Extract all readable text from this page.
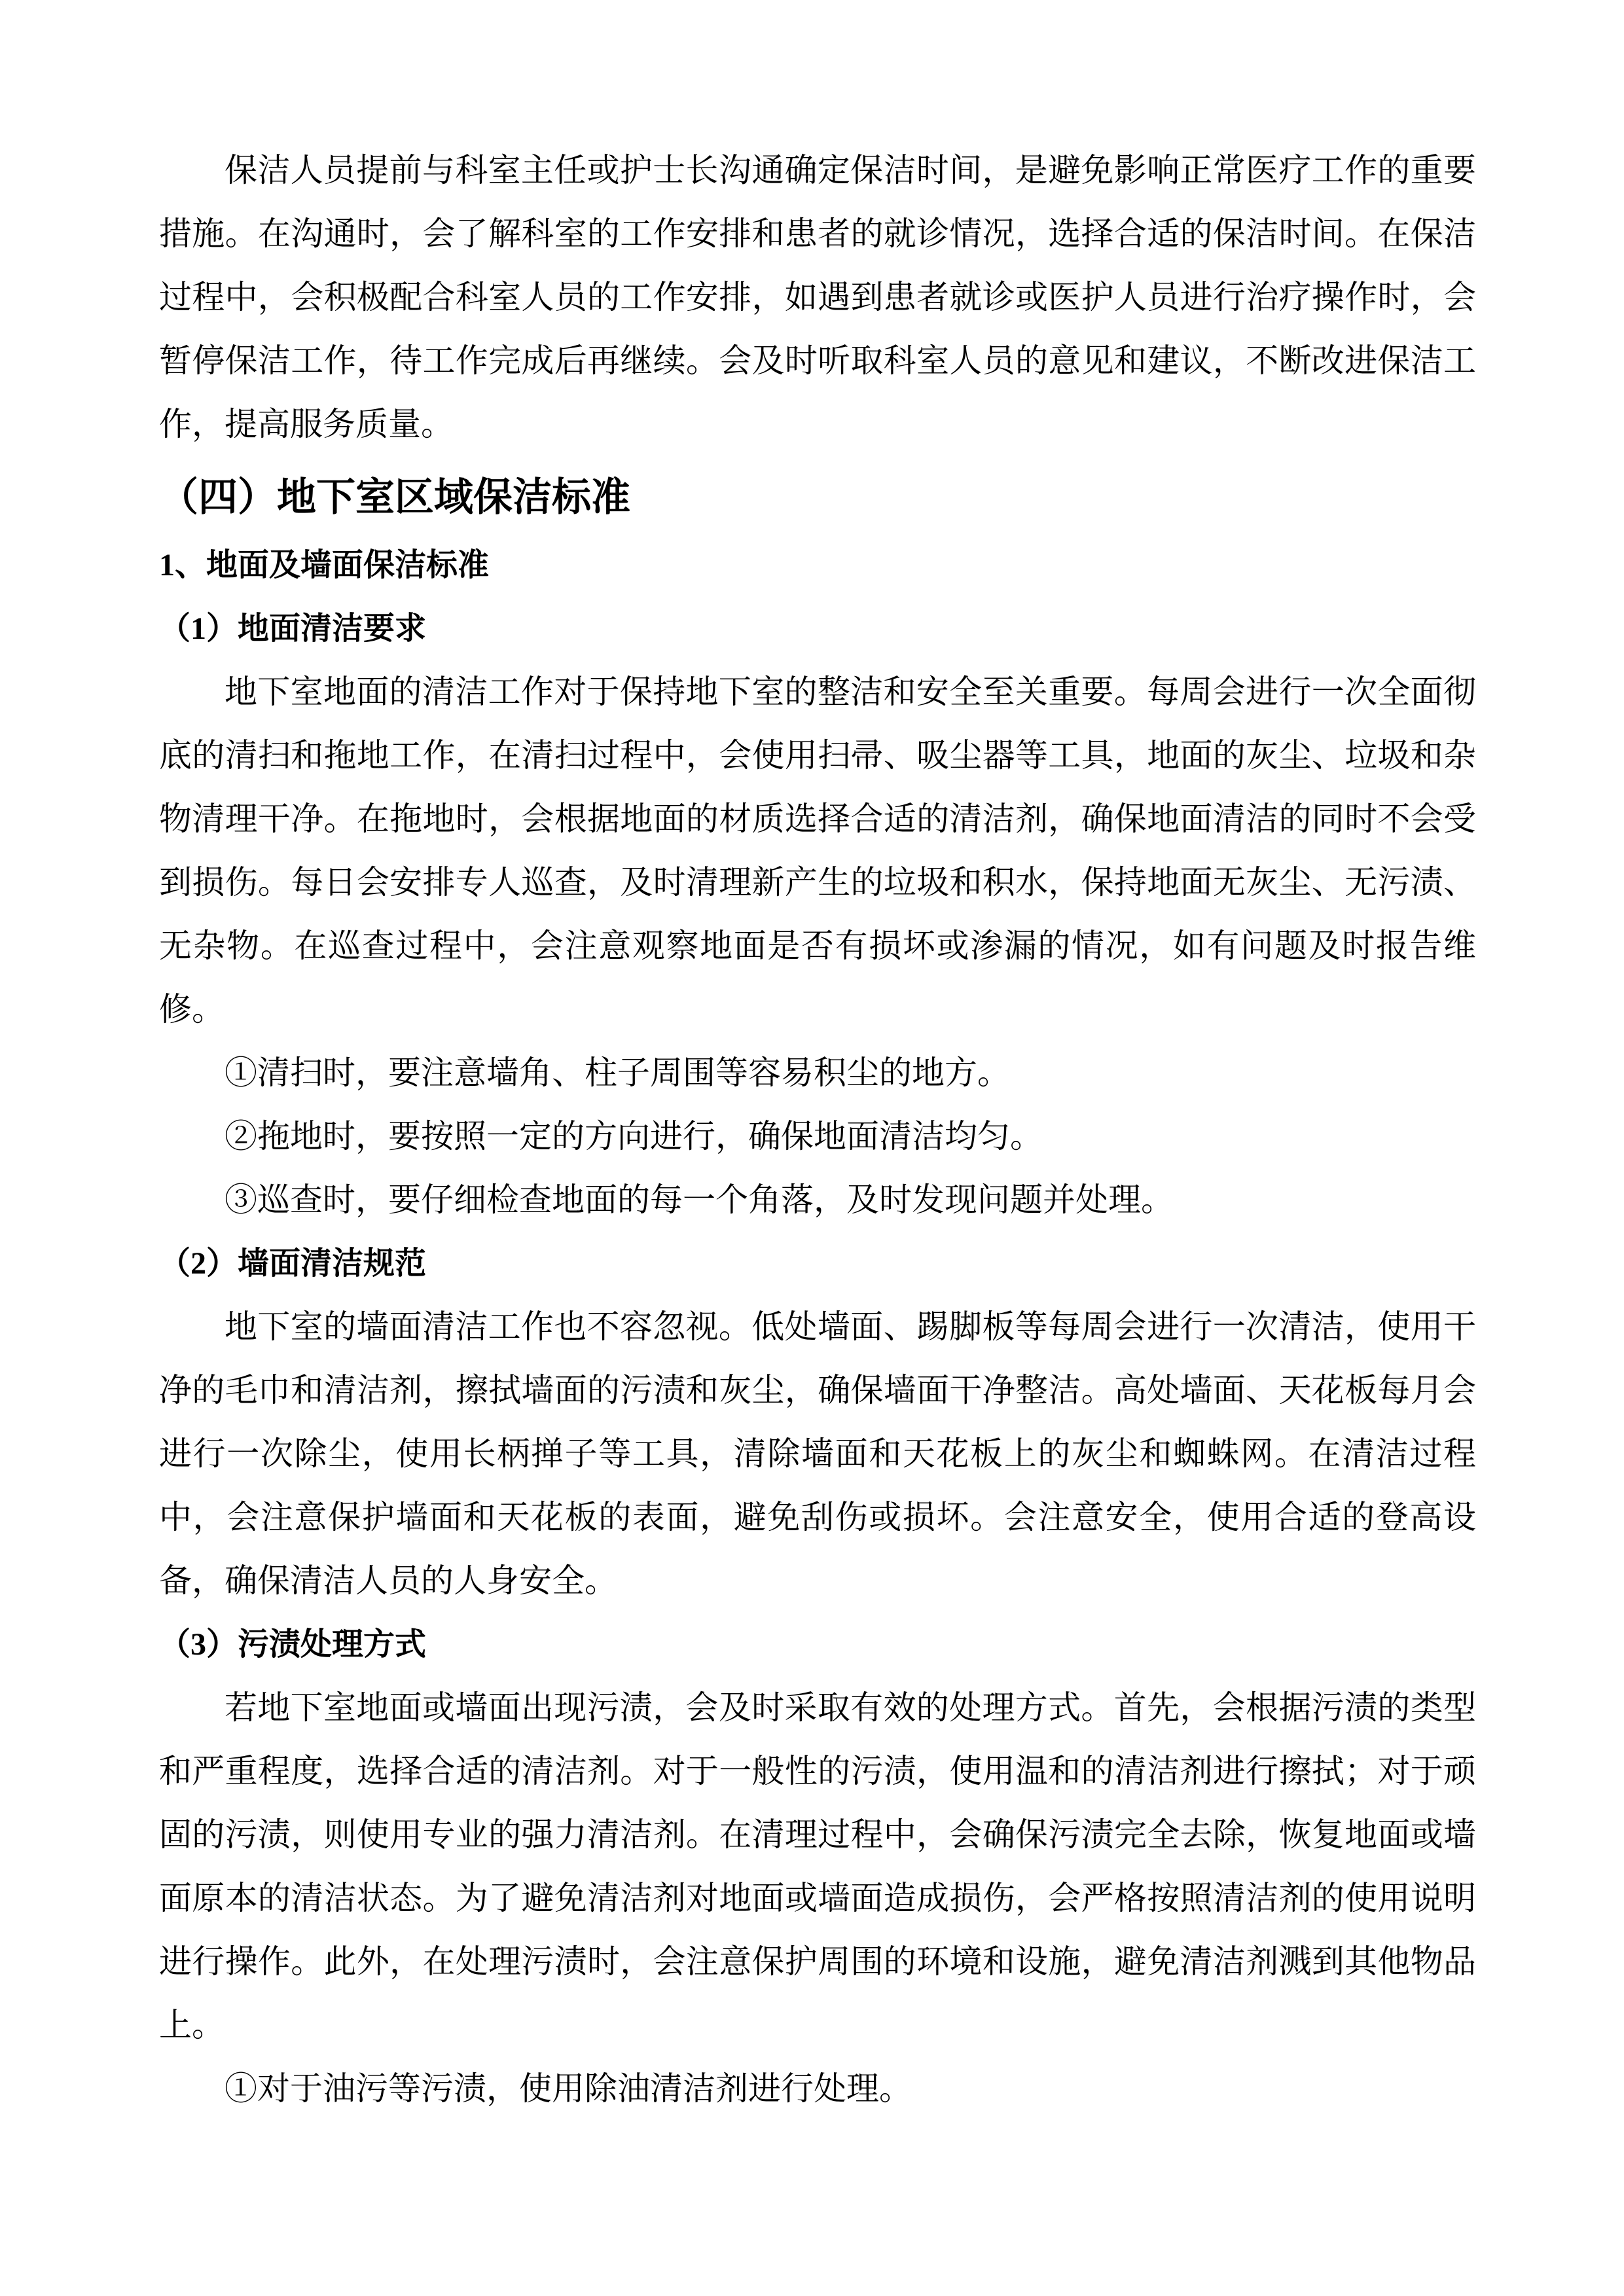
保洁人员提前与科室主任或护士长沟通确定保洁时间，是避免影响正常医疗工作的重要措施。在沟通时，会了解科室的工作安排和患者的就诊情况，选择合适的保洁时间。在保洁过程中，会积极配合科室人员的工作安排，如遇到患者就诊或医护人员进行治疗操作时，会暂停保洁工作，待工作完成后再继续。会及时听取科室人员的意见和建议，不断改进保洁工作，提高服务质量。

（四）地下室区域保洁标准
1、地面及墙面保洁标准
（1）地面清洁要求

地下室地面的清洁工作对于保持地下室的整洁和安全至关重要。每周会进行一次全面彻底的清扫和拖地工作，在清扫过程中，会使用扫帚、吸尘器等工具，地面的灰尘、垃圾和杂物清理干净。在拖地时，会根据地面的材质选择合适的清洁剂，确保地面清洁的同时不会受到损伤。每日会安排专人巡查，及时清理新产生的垃圾和积水，保持地面无灰尘、无污渍、无杂物。在巡查过程中，会注意观察地面是否有损坏或渗漏的情况，如有问题及时报告维修。

①清扫时，要注意墙角、柱子周围等容易积尘的地方。

②拖地时，要按照一定的方向进行，确保地面清洁均匀。

③巡查时，要仔细检查地面的每一个角落，及时发现问题并处理。

（2）墙面清洁规范

地下室的墙面清洁工作也不容忽视。低处墙面、踢脚板等每周会进行一次清洁，使用干净的毛巾和清洁剂，擦拭墙面的污渍和灰尘，确保墙面干净整洁。高处墙面、天花板每月会进行一次除尘，使用长柄掸子等工具，清除墙面和天花板上的灰尘和蜘蛛网。在清洁过程中，会注意保护墙面和天花板的表面，避免刮伤或损坏。会注意安全，使用合适的登高设备，确保清洁人员的人身安全。

（3）污渍处理方式

若地下室地面或墙面出现污渍，会及时采取有效的处理方式。首先，会根据污渍的类型和严重程度，选择合适的清洁剂。对于一般性的污渍，使用温和的清洁剂进行擦拭；对于顽固的污渍，则使用专业的强力清洁剂。在清理过程中，会确保污渍完全去除，恢复地面或墙面原本的清洁状态。为了避免清洁剂对地面或墙面造成损伤，会严格按照清洁剂的使用说明进行操作。此外，在处理污渍时，会注意保护周围的环境和设施，避免清洁剂溅到其他物品上。

①对于油污等污渍，使用除油清洁剂进行处理。
